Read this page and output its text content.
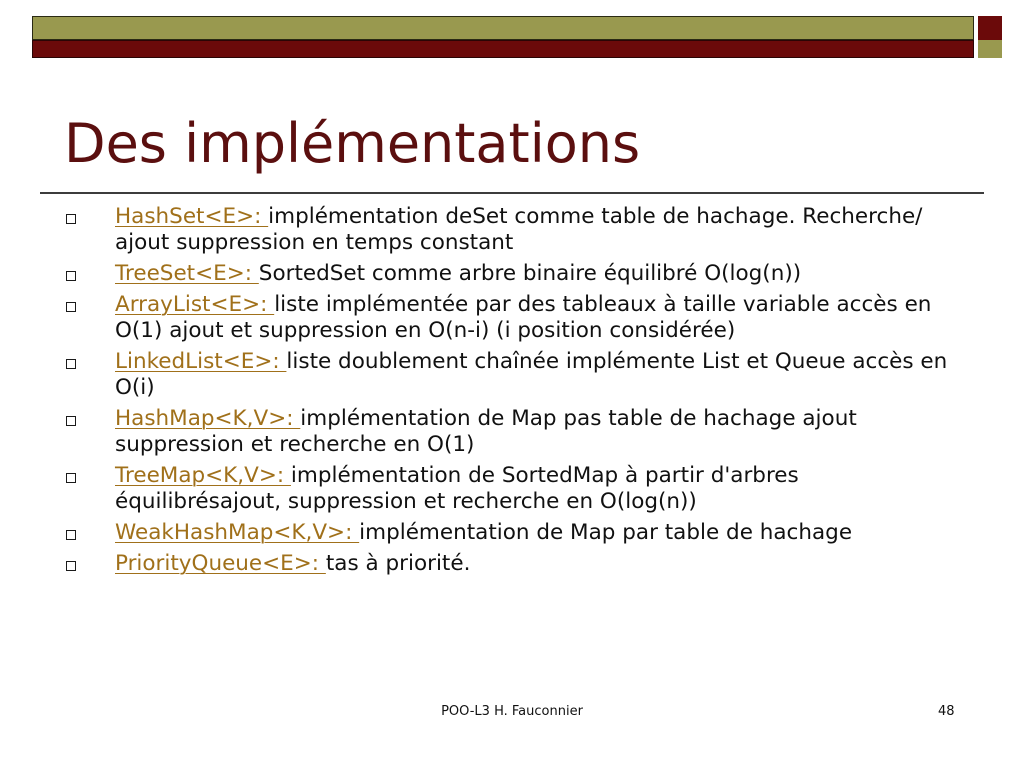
Des implémentations
HashSet<E>: implémentation deSet comme table de hachage. Recherche/ ajout suppression en temps constant
TreeSet<E>: SortedSet comme arbre binaire équilibré O(log(n))
ArrayList<E>: liste implémentée par des tableaux à taille variable accès en O(1) ajout et suppression en O(n-i) (i position considérée)
LinkedList<E>: liste doublement chaînée implémente List et Queue accès en O(i)
HashMap<K,V>: implémentation de Map pas table de hachage ajout suppression et recherche en O(1)
TreeMap<K,V>: implémentation de SortedMap à partir d'arbres équilibrésajout, suppression et recherche en O(log(n))
WeakHashMap<K,V>: implémentation de Map par table de hachage
PriorityQueue<E>: tas à priorité.
POO-L3 H. Fauconnier	48
